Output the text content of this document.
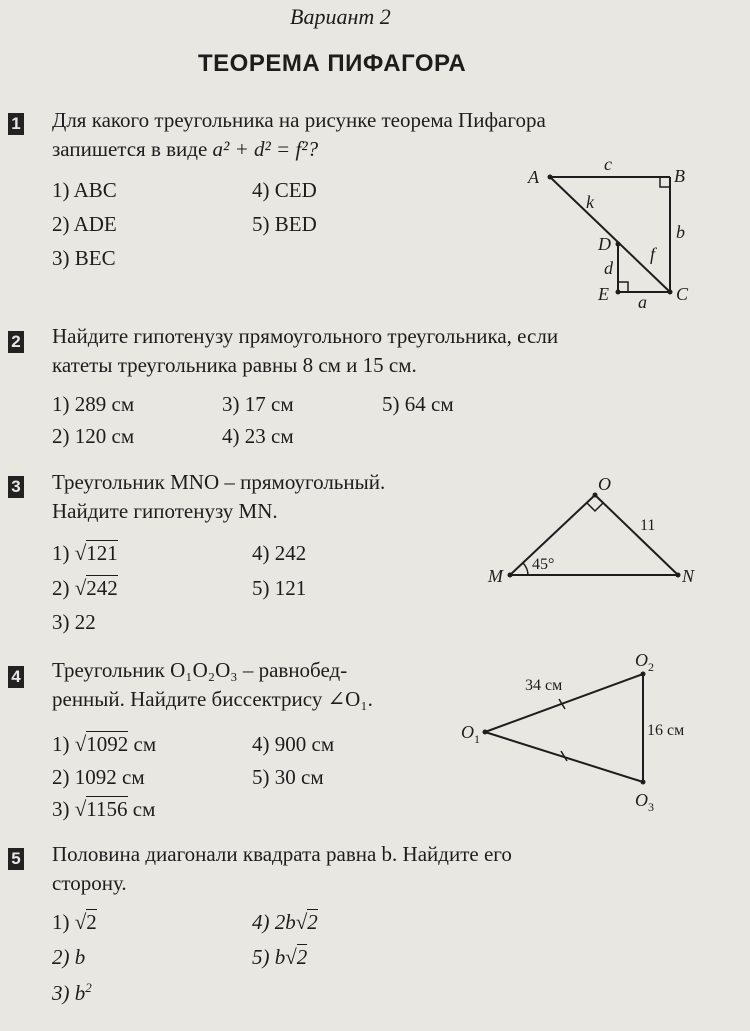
Вариант 2
ТЕОРЕМА ПИФАГОРА
1 Для какого треугольника на рисунке теорема Пифагора
запишется в виде a² + d² = f²?
1) ABC
2) ADE
3) BEC
4) CED
5) BED
A	B
C
D
E
c
b
k
f
d
a
2 Найдите гипотенузу прямоугольного треугольника, если
катеты треугольника равны 8 см и 15 см.
1) 289 см
2) 120 см
3) 17 см
4) 23 см
5) 64 см
3 Треугольник MNO – прямоугольный.
Найдите гипотенузу MN.
1) √121
2) √242
3) 22
4) 242
5) 121
O
M	N
11
45°
4 Треугольник O₁O₂O₃ – равнобед-
ренный. Найдите биссектрису ∠O₁.
1) √1092 см
2) 1092 см
3) √1156 см
4) 900 см
5) 30 см
$O_1$
$O_2$
$O_3$
34 см
16 см
5 Половина диагонали квадрата равна b. Найдите его
сторону.
1) √2
2) b
3) $b^2$
4) 2b√2
5) b√2
